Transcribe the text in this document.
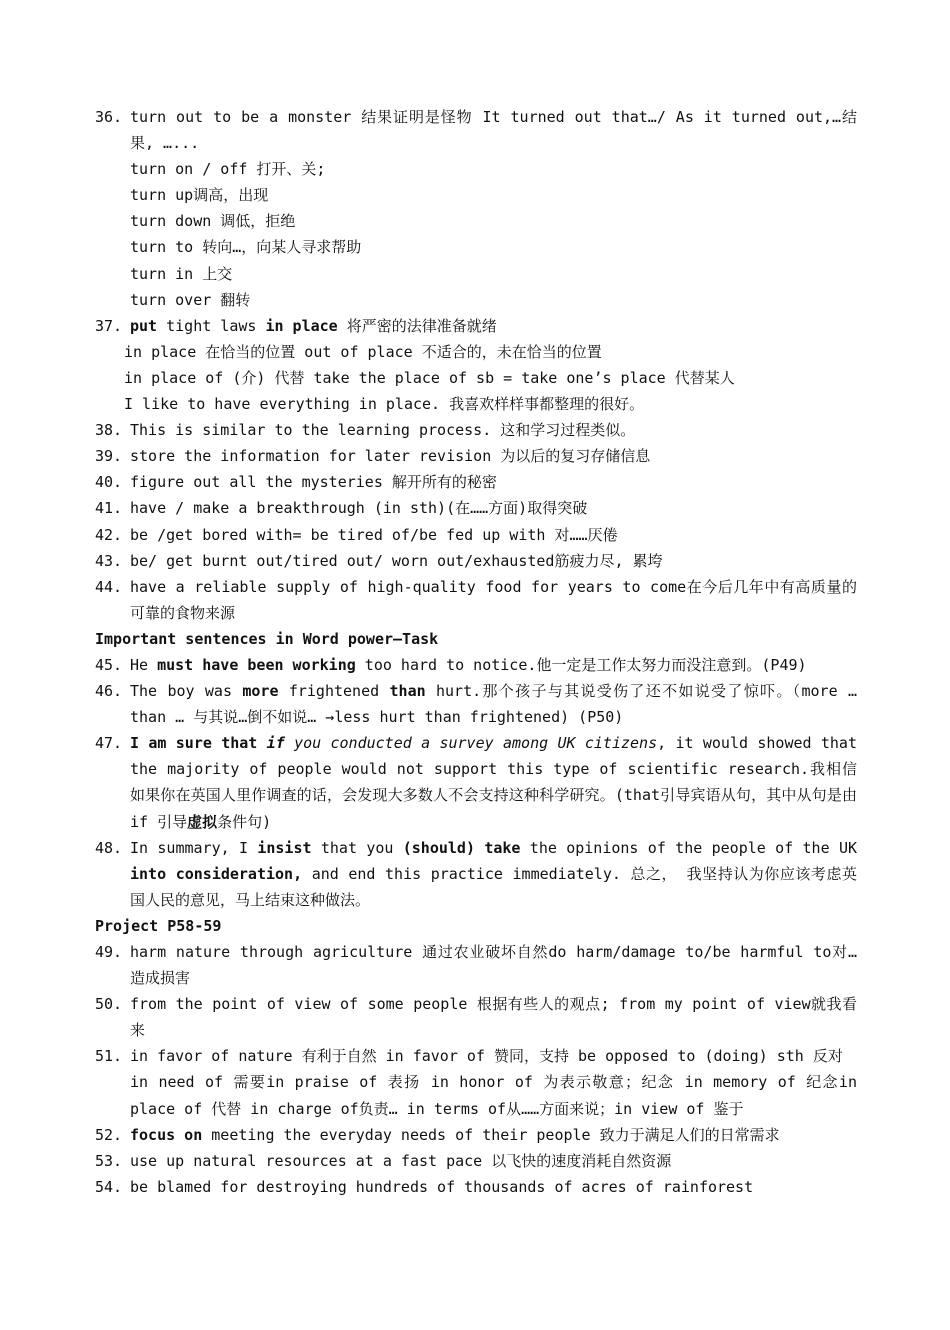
36. turn out to be a monster 结果证明是怪物 It turned out that…/ As it turned out,…结果, …...
turn on / off 打开、关;
turn up调高，出现
turn down 调低，拒绝
turn to 转向…，向某人寻求帮助
turn in 上交
turn over 翻转
37. put tight laws in place 将严密的法律准备就绪
in place 在恰当的位置 out of place 不适合的，未在恰当的位置
in place of (介) 代替 take the place of sb = take one’s place 代替某人
I like to have everything in place. 我喜欢样样事都整理的很好。
38. This is similar to the learning process. 这和学习过程类似。
39. store the information for later revision 为以后的复习存储信息
40. figure out all the mysteries 解开所有的秘密
41. have / make a breakthrough (in sth)(在……方面)取得突破
42. be /get bored with= be tired of/be fed up with 对……厌倦
43. be/ get burnt out/tired out/ worn out/exhausted筋疲力尽, 累垮
44. have a reliable supply of high-quality food for years to come在今后几年中有高质量的可靠的食物来源
Important sentences in Word power—Task
45. He must have been working too hard to notice.他一定是工作太努力而没注意到。(P49)
46. The boy was more frightened than hurt.那个孩子与其说受伤了还不如说受了惊吓。（more … than … 与其说…倒不如说… →less hurt than frightened) (P50)
47. I am sure that if you conducted a survey among UK citizens, it would showed that the majority of people would not support this type of scientific research.我相信如果你在英国人里作调查的话，会发现大多数人不会支持这种科学研究。(that引导宾语从句，其中从句是由if 引导虚拟条件句)
48. In summary, I insist that you (should) take the opinions of the people of the UK into consideration, and end this practice immediately. 总之， 我坚持认为你应该考虑英国人民的意见，马上结束这种做法。
Project P58-59
49. harm nature through agriculture 通过农业破坏自然do harm/damage to/be harmful to对…造成损害
50. from the point of view of some people 根据有些人的观点; from my point of view就我看来
51. in favor of nature 有利于自然 in favor of 赞同，支持 be opposed to (doing) sth 反对
in need of 需要in praise of 表扬 in honor of 为表示敬意；纪念 in memory of 纪念in place of 代替 in charge of负责… in terms of从……方面来说；in view of 鉴于
52. focus on meeting the everyday needs of their people 致力于满足人们的日常需求
53. use up natural resources at a fast pace 以飞快的速度消耗自然资源
54. be blamed for destroying hundreds of thousands of acres of rainforest
